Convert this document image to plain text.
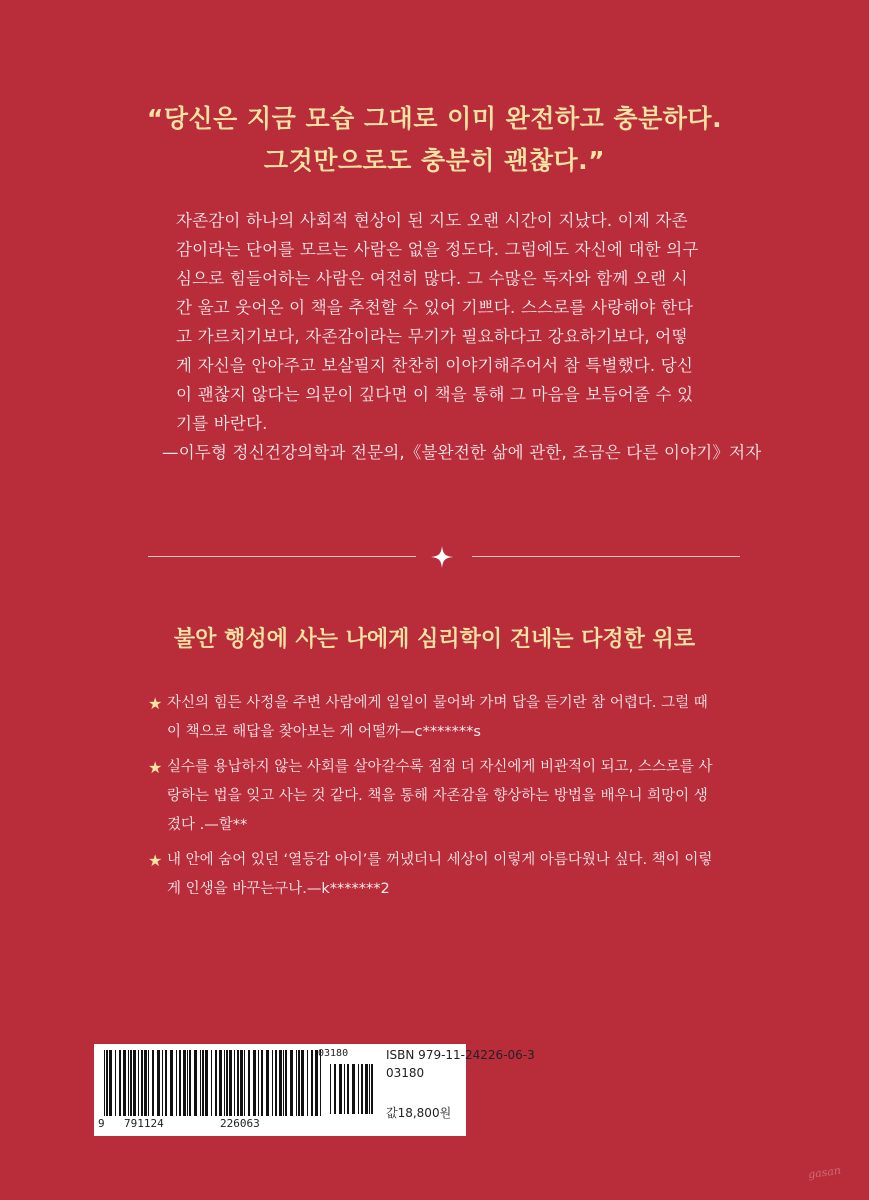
“당신은 지금 모습 그대로 이미 완전하고 충분하다.
그것만으로도 충분히 괜찮다.”
자존감이 하나의 사회적 현상이 된 지도 오랜 시간이 지났다. 이제 자존
감이라는 단어를 모르는 사람은 없을 정도다. 그럼에도 자신에 대한 의구
심으로 힘들어하는 사람은 여전히 많다. 그 수많은 독자와 함께 오랜 시
간 울고 웃어온 이 책을 추천할 수 있어 기쁘다. 스스로를 사랑해야 한다
고 가르치기보다, 자존감이라는 무기가 필요하다고 강요하기보다, 어떻
게 자신을 안아주고 보살필지 찬찬히 이야기해주어서 참 특별했다. 당신
이 괜찮지 않다는 의문이 깊다면 이 책을 통해 그 마음을 보듬어줄 수 있
기를 바란다.
—이두형 정신건강의학과 전문의,《불완전한 삶에 관한, 조금은 다른 이야기》저자
불안 행성에 사는 나에게 심리학이 건네는 다정한 위로
★ 자신의 힘든 사정을 주변 사람에게 일일이 물어봐 가며 답을 듣기란 참 어렵다. 그럴 때
이 책으로 해답을 찾아보는 게 어떨까—c*******s
★ 실수를 용납하지 않는 사회를 살아갈수록 점점 더 자신에게 비관적이 되고, 스스로를 사
랑하는 법을 잊고 사는 것 같다. 책을 통해 자존감을 향상하는 방법을 배우니 희망이 생
겼다 .—할**
★ 내 안에 숨어 있던 ‘열등감 아이’를 꺼냈더니 세상이 이렇게 아름다웠나 싶다. 책이 이렇
게 인생을 바꾸는구나.—k*******2
9 791124	226063
03180	ISBN 979-11-24226-06-3
03180
값18,800원
gasan
